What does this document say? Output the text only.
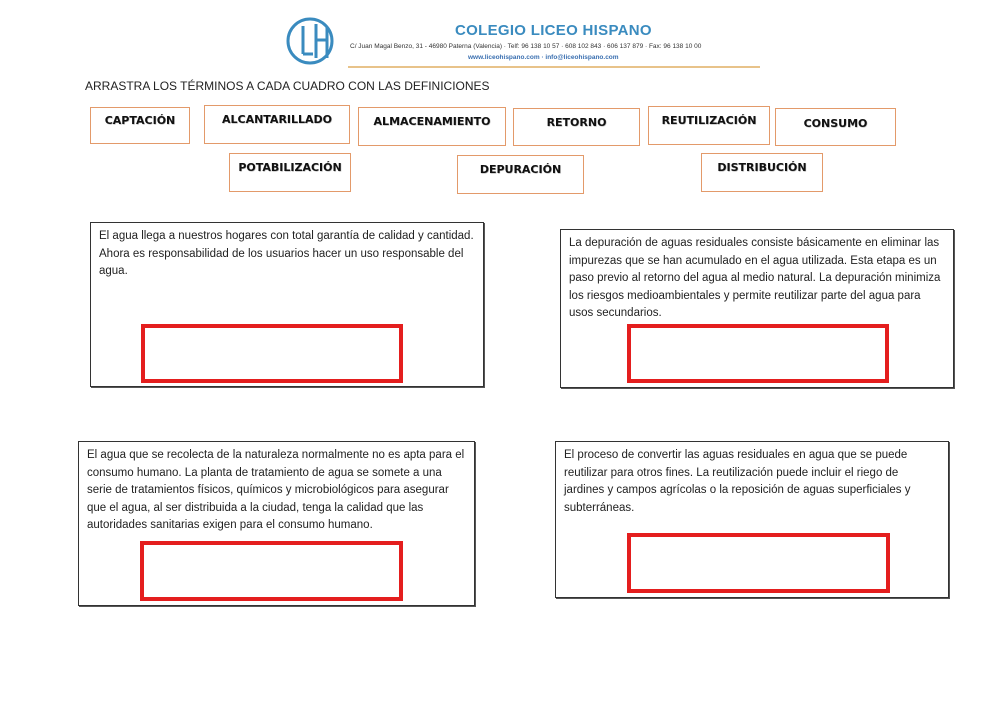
COLEGIO LICEO HISPANO
C/ Juan Magal Benzo, 31 - 46980 Paterna (Valencia) · Telf: 96 138 10 57 · 608 102 843 · 606 137 879 · Fax: 96 138 10 00
www.liceohispano.com · info@liceohispano.com
ARRASTRA LOS TÉRMINOS A CADA CUADRO CON LAS DEFINICIONES
CAPTACIÓN	ALCANTARILLADO	ALMACENAMIENTO	RETORNO	REUTILIZACIÓN	CONSUMO
POTABILIZACIÓN	DEPURACIÓN	DISTRIBUCIÓN
El agua llega a nuestros hogares con total garantía de calidad y cantidad. Ahora es responsabilidad de los usuarios hacer un uso responsable del agua.
La depuración de aguas residuales consiste básicamente en eliminar las impurezas que se han acumulado en el agua utilizada. Esta etapa es un paso previo al retorno del agua al medio natural. La depuración minimiza los riesgos medioambientales y permite reutilizar parte del agua para usos secundarios.
El agua que se recolecta de la naturaleza normalmente no es apta para el consumo humano. La planta de tratamiento de agua se somete a una serie de tratamientos físicos, químicos y microbiológicos para asegurar que el agua, al ser distribuida a la ciudad, tenga la calidad que las autoridades sanitarias exigen para el consumo humano.
El proceso de convertir las aguas residuales en agua que se puede reutilizar para otros fines. La reutilización puede incluir el riego de jardines y campos agrícolas o la reposición de aguas superficiales y subterráneas.
